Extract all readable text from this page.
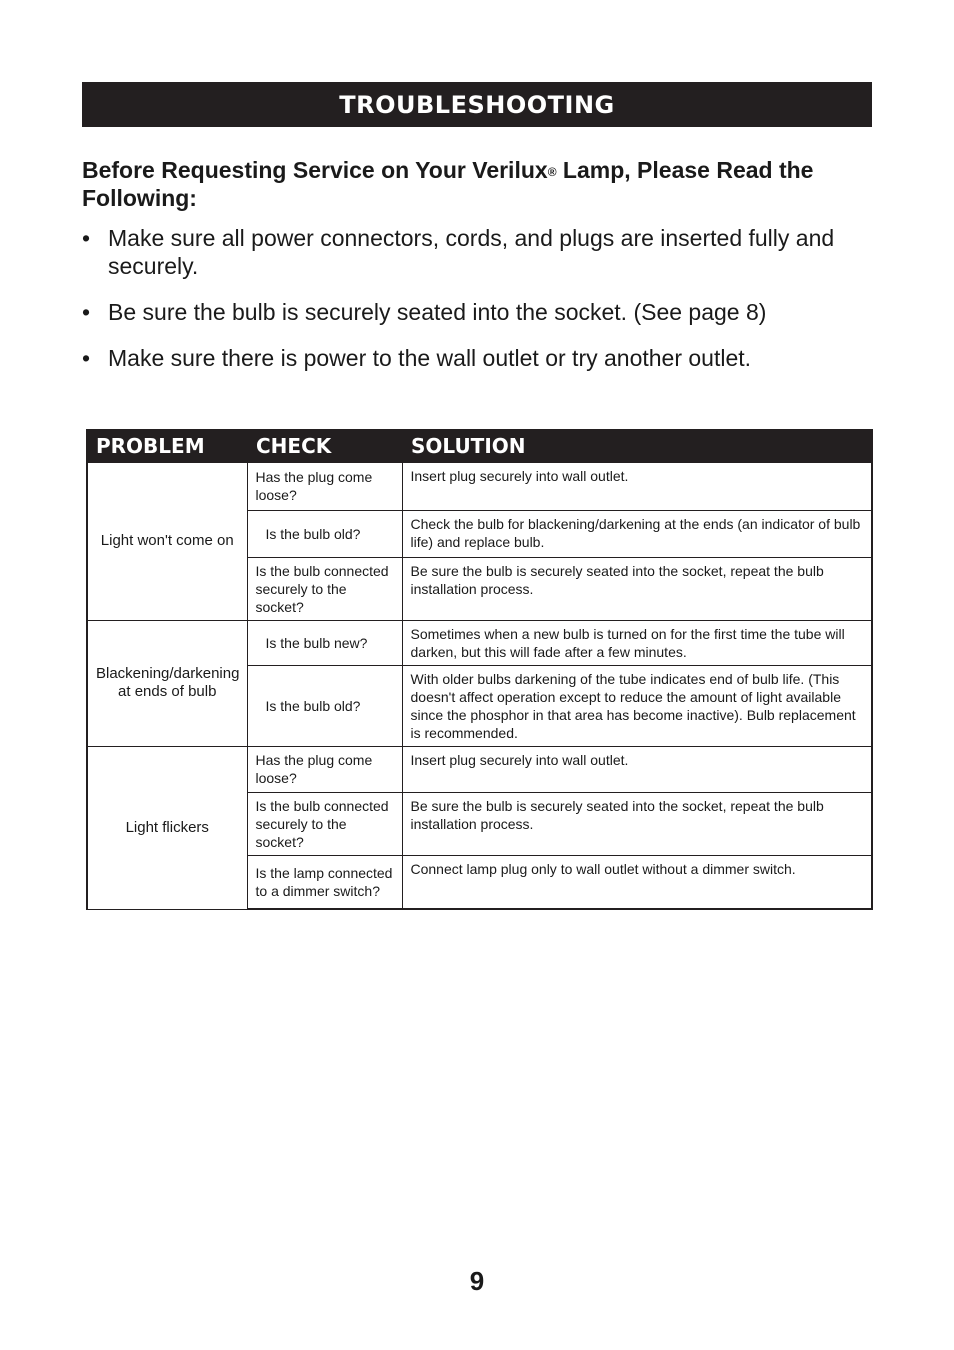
TROUBLESHOOTING
Before Requesting Service on Your Verilux® Lamp, Please Read the Following:
• Make sure all power connectors, cords, and plugs are inserted fully and securely.
• Be sure the bulb is securely seated into the socket. (See page 8)
• Make sure there is power to the wall outlet or try another outlet.
PROBLEM	CHECK	SOLUTION
Light won't come on	Has the plug come loose?	Insert plug securely into wall outlet.
	Is the bulb old?	Check the bulb for blackening/darkening at the ends (an indicator of bulb life) and replace bulb.
	Is the bulb connected securely to the socket?	Be sure the bulb is securely seated into the socket, repeat the bulb installation process.
Blackening/darkening at ends of bulb	Is the bulb new?	Sometimes when a new bulb is turned on for the first time the tube will darken, but this will fade after a few minutes.
	Is the bulb old?	With older bulbs darkening of the tube indicates end of bulb life. (This doesn't affect operation except to reduce the amount of light available since the phosphor in that area has become inactive). Bulb replacement is recommended.
Light flickers	Has the plug come loose?	Insert plug securely into wall outlet.
	Is the bulb connected securely to the socket?	Be sure the bulb is securely seated into the socket, repeat the bulb installation process.
	Is the lamp connected to a dimmer switch?	Connect lamp plug only to wall outlet without a dimmer switch.
9
